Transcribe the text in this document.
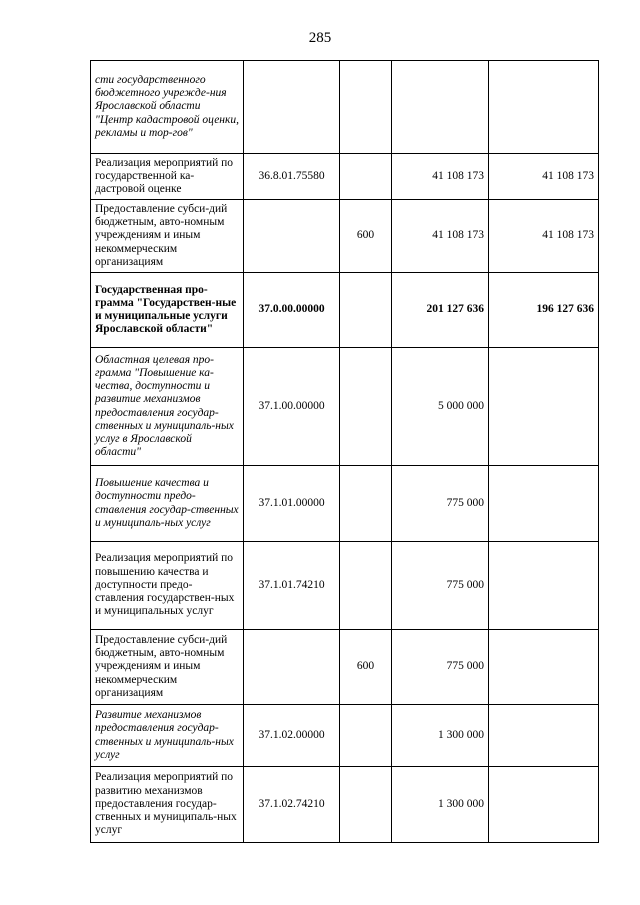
285
сти государственного бюджетного учрежде-ния Ярославской области "Центр кадастровой оценки, рекламы и тор-гов"				
Реализация мероприятий по государственной ка-дастровой оценке	36.8.01.75580		41 108 173	41 108 173
Предоставление субси-дий бюджетным, авто-номным учреждениям и иным некоммерческим организациям		600	41 108 173	41 108 173
Государственная про-грамма "Государствен-ные и муниципальные услуги Ярославской области"	37.0.00.00000		201 127 636	196 127 636
Областная целевая про-грамма "Повышение ка-чества, доступности и развитие механизмов предоставления государ-ственных и муниципаль-ных услуг в Ярославской области"	37.1.00.00000		5 000 000	
Повышение качества и доступности предо-ставления государ-ственных и муниципаль-ных услуг	37.1.01.00000		775 000	
Реализация мероприятий по повышению качества и доступности предо-ставления государствен-ных и муниципальных услуг	37.1.01.74210		775 000	
Предоставление субси-дий бюджетным, авто-номным учреждениям и иным некоммерческим организациям		600	775 000	
Развитие механизмов предоставления государ-ственных и муниципаль-ных услуг	37.1.02.00000		1 300 000	
Реализация мероприятий по развитию механизмов предоставления государ-ственных и муниципаль-ных услуг	37.1.02.74210		1 300 000	
